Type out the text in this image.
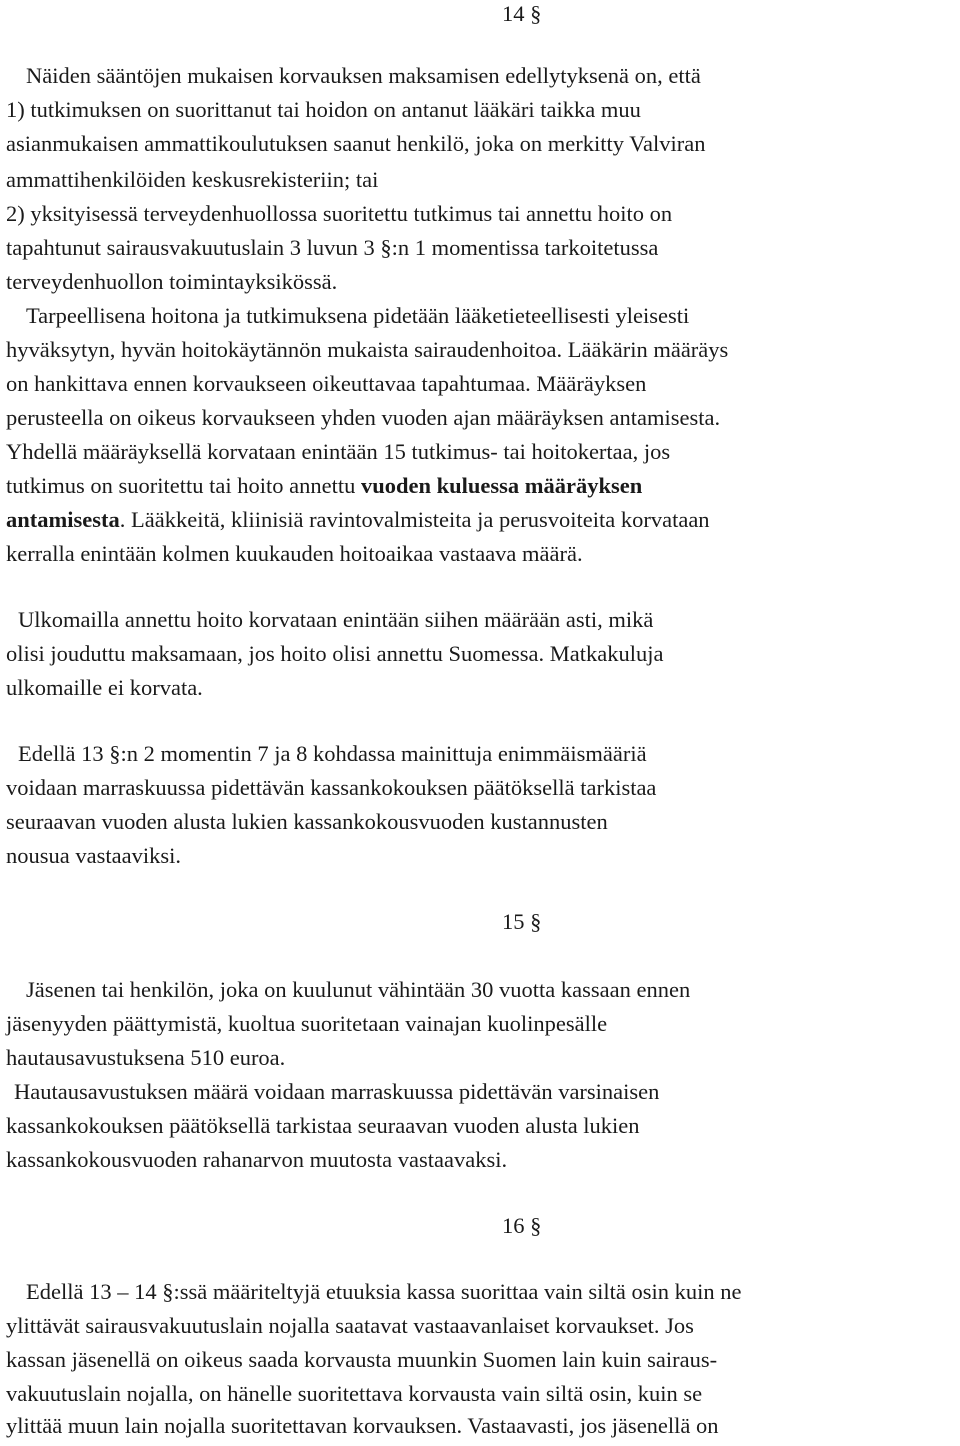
14 §
Näiden sääntöjen mukaisen korvauksen maksamisen edellytyksenä on, että
1) tutkimuksen on suorittanut tai hoidon on antanut lääkäri taikka muu
asianmukaisen ammattikoulutuksen saanut henkilö, joka on merkitty Valviran
ammattihenkilöiden keskusrekisteriin; tai
2) yksityisessä terveydenhuollossa suoritettu tutkimus tai annettu hoito on
tapahtunut sairausvakuutuslain 3 luvun 3 §:n 1 momentissa tarkoitetussa
terveydenhuollon toimintayksikössä.
Tarpeellisena hoitona ja tutkimuksena pidetään lääketieteellisesti yleisesti
hyväksytyn, hyvän hoitokäytännön mukaista sairaudenhoitoa. Lääkärin määräys
on hankittava ennen korvaukseen oikeuttavaa tapahtumaa. Määräyksen
perusteella on oikeus korvaukseen yhden vuoden ajan määräyksen antamisesta.
Yhdellä määräyksellä korvataan enintään 15 tutkimus- tai hoitokertaa, jos
tutkimus on suoritettu tai hoito annettu vuoden kuluessa määräyksen
antamisesta. Lääkkeitä, kliinisiä ravintovalmisteita ja perusvoiteita korvataan
kerralla enintään kolmen kuukauden hoitoaikaa vastaava määrä.
Ulkomailla annettu hoito korvataan enintään siihen määrään asti, mikä
olisi jouduttu maksamaan, jos hoito olisi annettu Suomessa. Matkakuluja
ulkomaille ei korvata.
Edellä 13 §:n 2 momentin 7 ja 8 kohdassa mainittuja enimmäismääriä
voidaan marraskuussa pidettävän kassankokouksen päätöksellä tarkistaa
seuraavan vuoden alusta lukien kassankokousvuoden kustannusten
nousua vastaaviksi.
15 §
Jäsenen tai henkilön, joka on kuulunut vähintään 30 vuotta kassaan ennen
jäsenyyden päättymistä, kuoltua suoritetaan vainajan kuolinpesälle
hautausavustuksena 510 euroa.
Hautausavustuksen määrä voidaan marraskuussa pidettävän varsinaisen
kassankokouksen päätöksellä tarkistaa seuraavan vuoden alusta lukien
kassankokousvuoden rahanarvon muutosta vastaavaksi.
16 §
Edellä 13 – 14 §:ssä määriteltyjä etuuksia kassa suorittaa vain siltä osin kuin ne
ylittävät sairausvakuutuslain nojalla saatavat vastaavanlaiset korvaukset. Jos
kassan jäsenellä on oikeus saada korvausta muunkin Suomen lain kuin sairaus-
vakuutuslain nojalla, on hänelle suoritettava korvausta vain siltä osin, kuin se
ylittää muun lain nojalla suoritettavan korvauksen. Vastaavasti, jos jäsenellä on
